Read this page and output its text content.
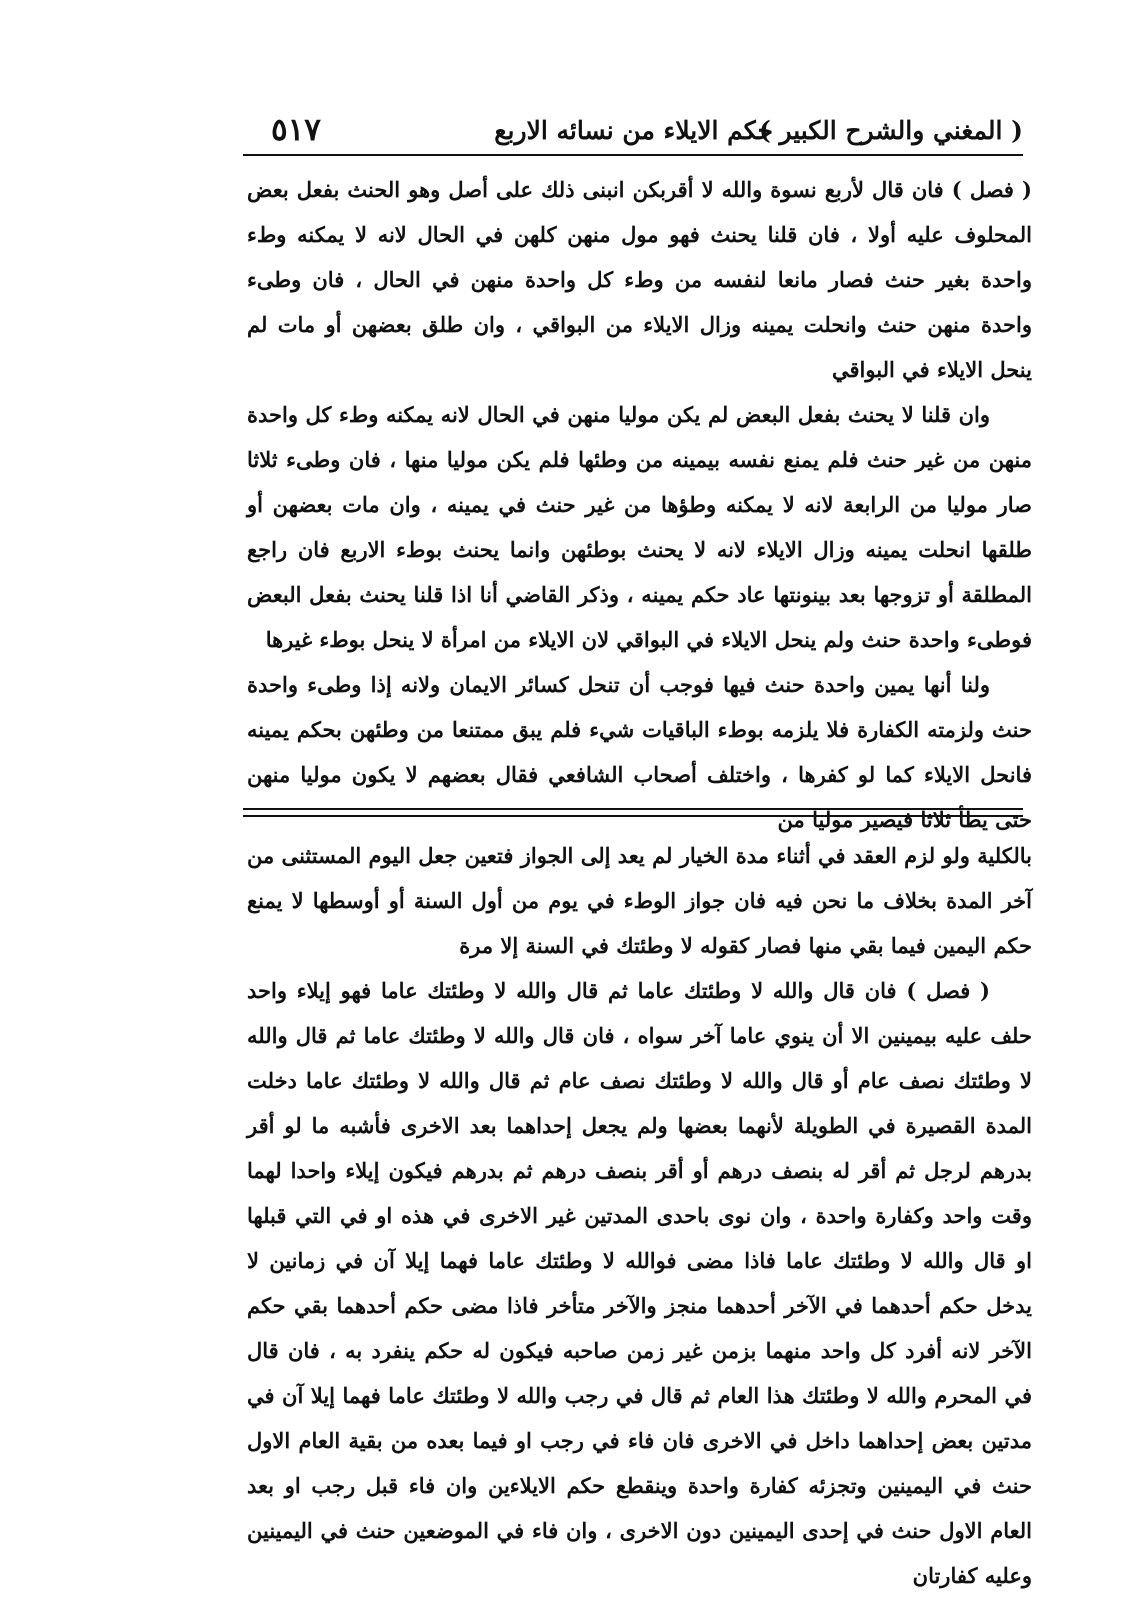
( المغني والشرح الكبير )
حكم الايلاء من نسائه الاربع
٥١٧

( فصل ) فان قال لأربع نسوة والله لا أقربكن انبنى ذلك على أصل وهو الحنث بفعل بعض المحلوف عليه أولا ، فان قلنا يحنث فهو مول منهن كلهن في الحال لانه لا يمكنه وطء واحدة بغير حنث فصار مانعا لنفسه من وطء كل واحدة منهن في الحال ، فان وطىء واحدة منهن حنث وانحلت يمينه وزال الايلاء من البواقي ، وان طلق بعضهن أو مات لم ينحل الايلاء في البواقي

وان قلنا لا يحنث بفعل البعض لم يكن موليا منهن في الحال لانه يمكنه وطء كل واحدة منهن من غير حنث فلم يمنع نفسه بيمينه من وطئها فلم يكن موليا منها ، فان وطىء ثلاثا صار موليا من الرابعة لانه لا يمكنه وطؤها من غير حنث في يمينه ، وان مات بعضهن أو طلقها انحلت يمينه وزال الايلاء لانه لا يحنث بوطئهن وانما يحنث بوطء الاربع فان راجع المطلقة أو تزوجها بعد بينونتها عاد حكم يمينه ، وذكر القاضي أنا اذا قلنا يحنث بفعل البعض فوطىء واحدة حنث ولم ينحل الايلاء في البواقي لان الايلاء من امرأة لا ينحل بوطء غيرها

ولنا أنها يمين واحدة حنث فيها فوجب أن تنحل كسائر الايمان ولانه إذا وطىء واحدة حنث ولزمته الكفارة فلا يلزمه بوطء الباقيات شيء فلم يبق ممتنعا من وطئهن بحكم يمينه فانحل الايلاء كما لو كفرها ، واختلف أصحاب الشافعي فقال بعضهم لا يكون موليا منهن حتى يطأ ثلاثا فيصير موليا من

بالكلية ولو لزم العقد في أثناء مدة الخيار لم يعد إلى الجواز فتعين جعل اليوم المستثنى من آخر المدة بخلاف ما نحن فيه فان جواز الوطء في يوم من أول السنة أو أوسطها لا يمنع حكم اليمين فيما بقي منها فصار كقوله لا وطئتك في السنة إلا مرة

( فصل ) فان قال والله لا وطئتك عاما ثم قال والله لا وطئتك عاما فهو إيلاء واحد حلف عليه بيمينين الا أن ينوي عاما آخر سواه ، فان قال والله لا وطئتك عاما ثم قال والله لا وطئتك نصف عام أو قال والله لا وطئتك نصف عام ثم قال والله لا وطئتك عاما دخلت المدة القصيرة في الطويلة لأنهما بعضها ولم يجعل إحداهما بعد الاخرى فأشبه ما لو أقر بدرهم لرجل ثم أقر له بنصف درهم أو أقر بنصف درهم ثم بدرهم فيكون إيلاء واحدا لهما وقت واحد وكفارة واحدة ، وان نوى باحدى المدتين غير الاخرى في هذه او في التي قبلها او قال والله لا وطئتك عاما فاذا مضى فوالله لا وطئتك عاما فهما إيلا آن في زمانين لا يدخل حكم أحدهما في الآخر أحدهما منجز والآخر متأخر فاذا مضى حكم أحدهما بقي حكم الآخر لانه أفرد كل واحد منهما بزمن غير زمن صاحبه فيكون له حكم ينفرد به ، فان قال في المحرم والله لا وطئتك هذا العام ثم قال في رجب والله لا وطئتك عاما فهما إيلا آن في مدتين بعض إحداهما داخل في الاخرى فان فاء في رجب او فيما بعده من بقية العام الاول حنث في اليمينين وتجزئه كفارة واحدة وينقطع حكم الايلاءين وان فاء قبل رجب او بعد العام الاول حنث في إحدى اليمينين دون الاخرى ، وان فاء في الموضعين حنث في اليمينين وعليه كفارتان
